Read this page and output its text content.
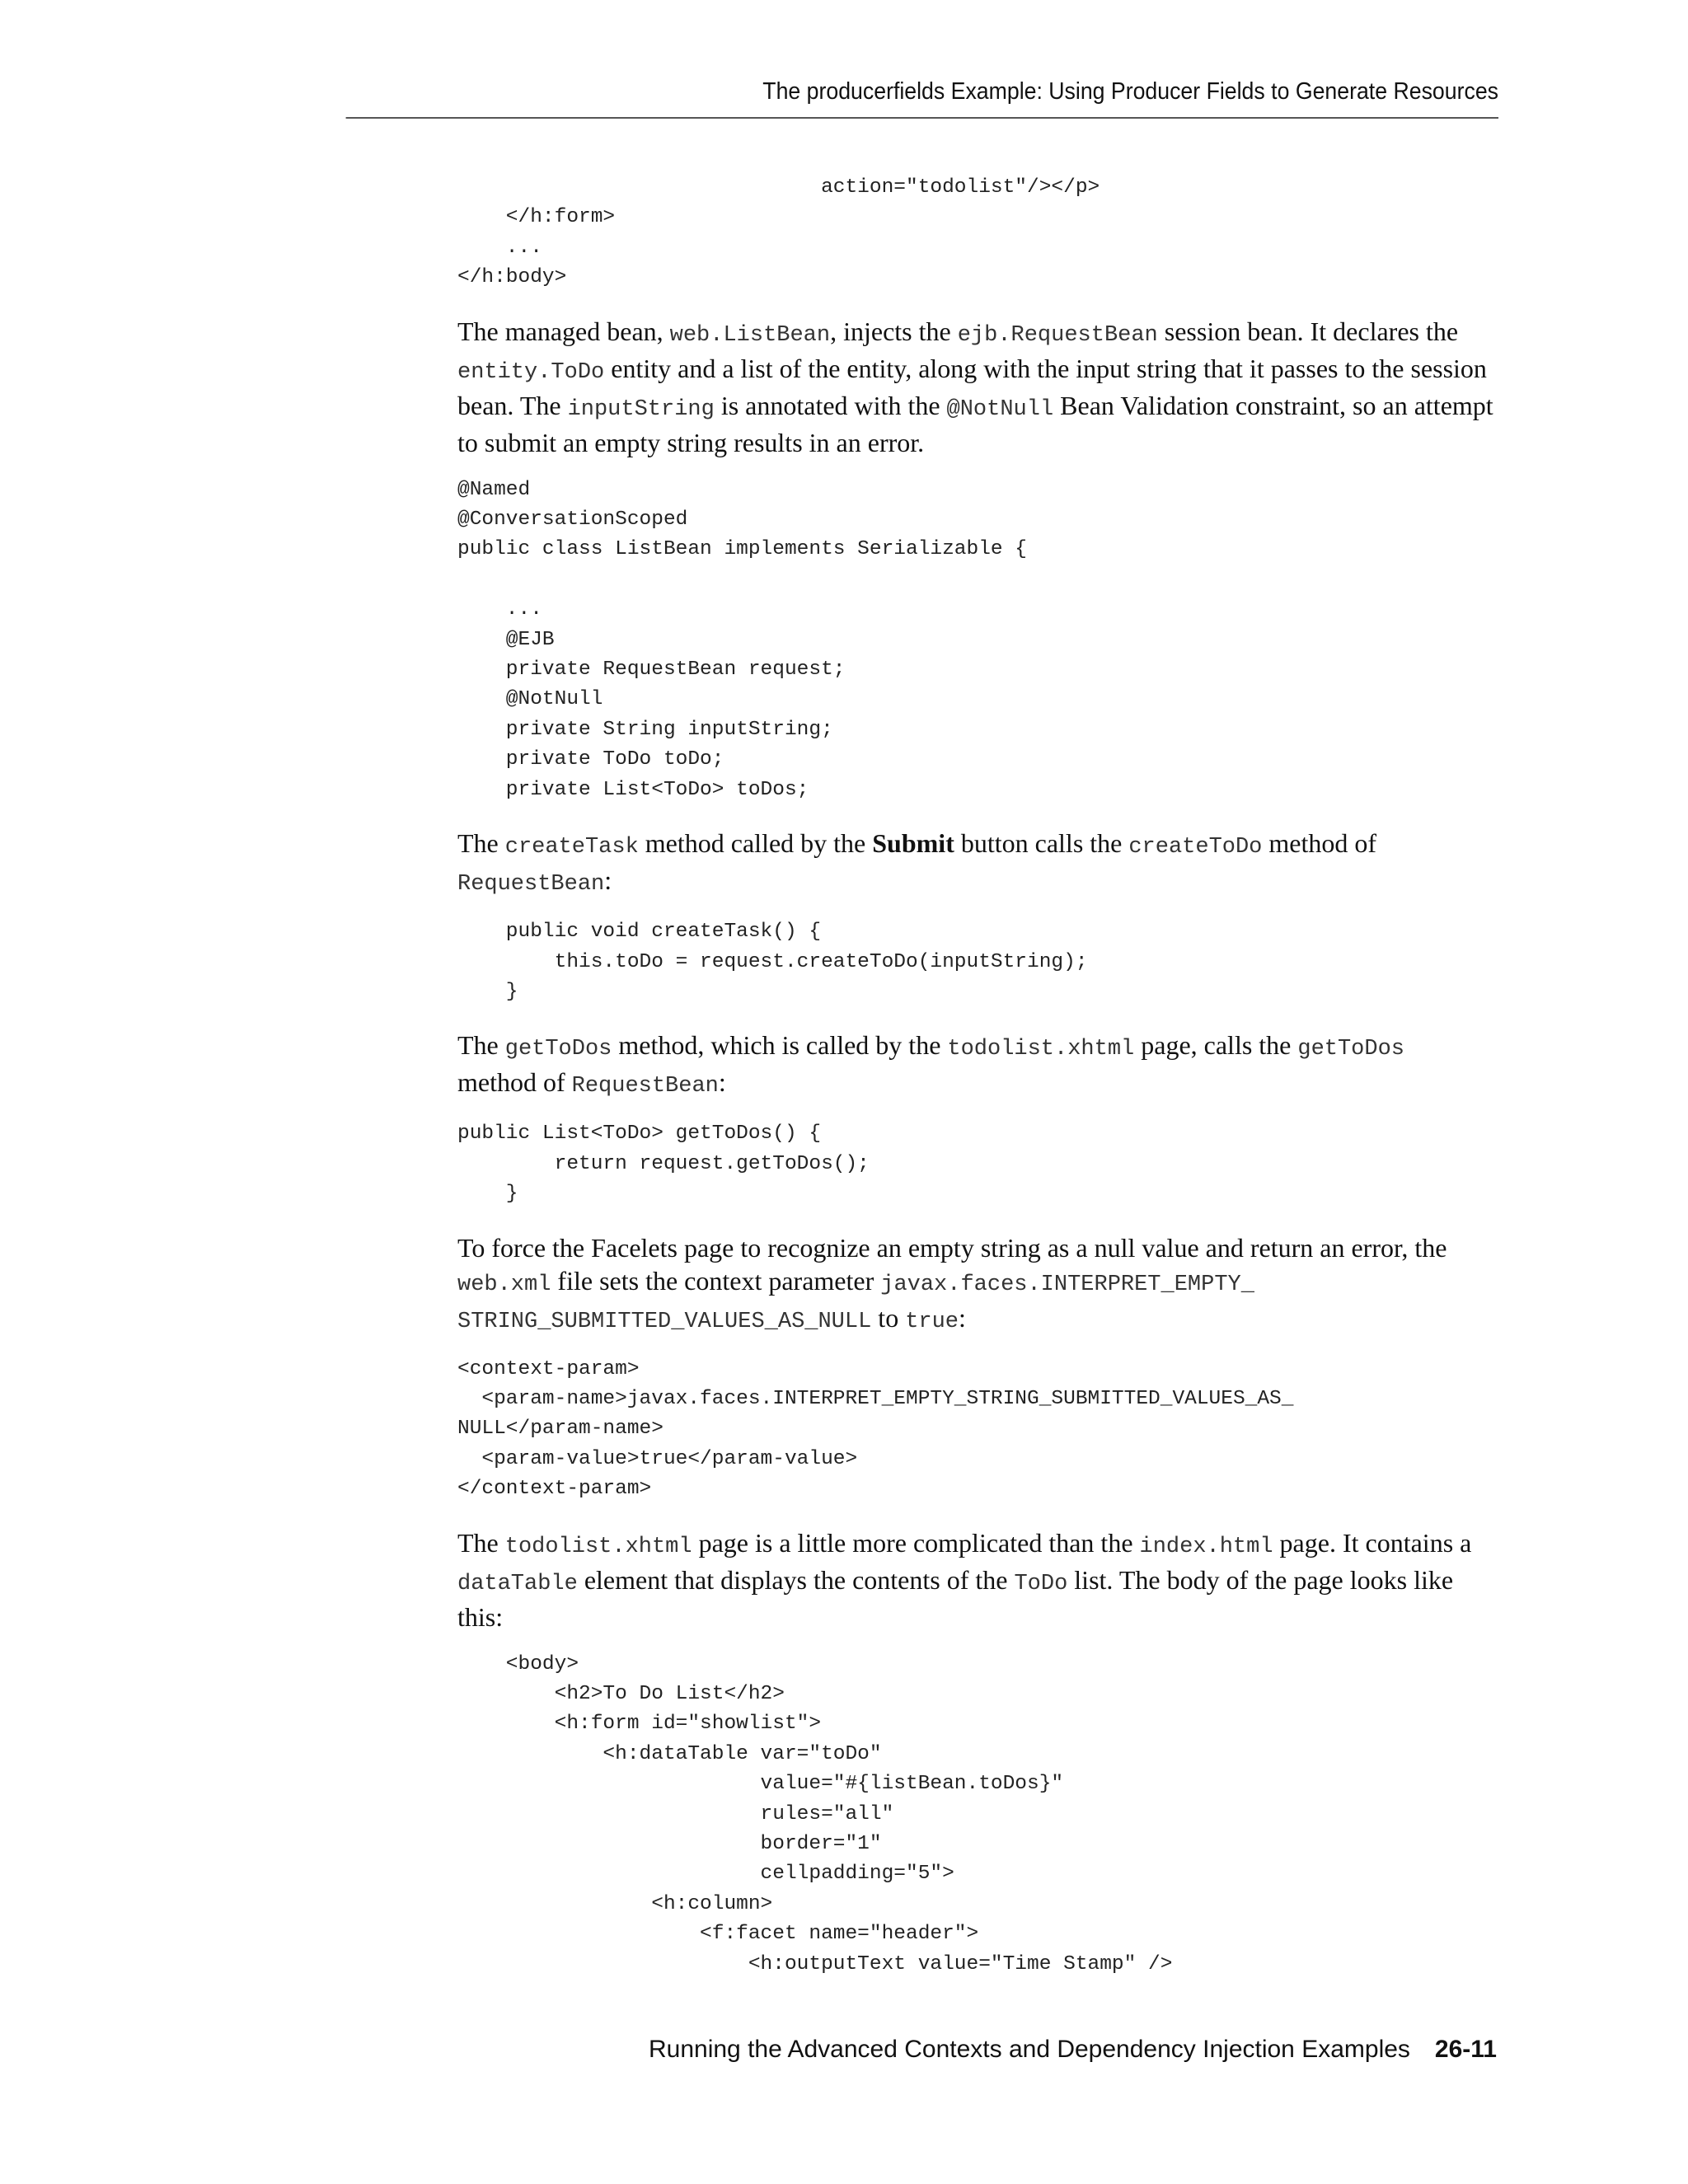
The producerfields Example: Using Producer Fields to Generate Resources
action="todolist"/></p>
</h:form>
...
</h:body>

The managed bean, web.ListBean, injects the ejb.RequestBean session bean. It declares the entity.ToDo entity and a list of the entity, along with the input string that it passes to the session bean. The inputString is annotated with the @NotNull Bean Validation constraint, so an attempt to submit an empty string results in an error.

@Named
@ConversationScoped
public class ListBean implements Serializable {

...
@EJB
private RequestBean request;
@NotNull
private String inputString;
private ToDo toDo;
private List<ToDo> toDos;

The createTask method called by the Submit button calls the createToDo method of RequestBean:

public void createTask() {
this.toDo = request.createToDo(inputString);
}

The getToDos method, which is called by the todolist.xhtml page, calls the getToDos
method of RequestBean:

public List<ToDo> getToDos() {
return request.getToDos();
}

To force the Facelets page to recognize an empty string as a null value and return an error, the web.xml file sets the context parameter javax.faces.INTERPRET_EMPTY_
STRING_SUBMITTED_VALUES_AS_NULL to true:

<context-param>
<param-name>javax.faces.INTERPRET_EMPTY_STRING_SUBMITTED_VALUES_AS_
NULL</param-name>
<param-value>true</param-value>
</context-param>

The todolist.xhtml page is a little more complicated than the index.html page. It contains a dataTable element that displays the contents of the ToDo list. The body of the page looks like this:

<body>
<h2>To Do List</h2>
<h:form id="showlist">
<h:dataTable var="toDo"
value="#{listBean.toDos}"
rules="all"
border="1"
cellpadding="5">
<h:column>
<f:facet name="header">
<h:outputText value="Time Stamp" />
Running the Advanced Contexts and Dependency Injection Examples 26-11
